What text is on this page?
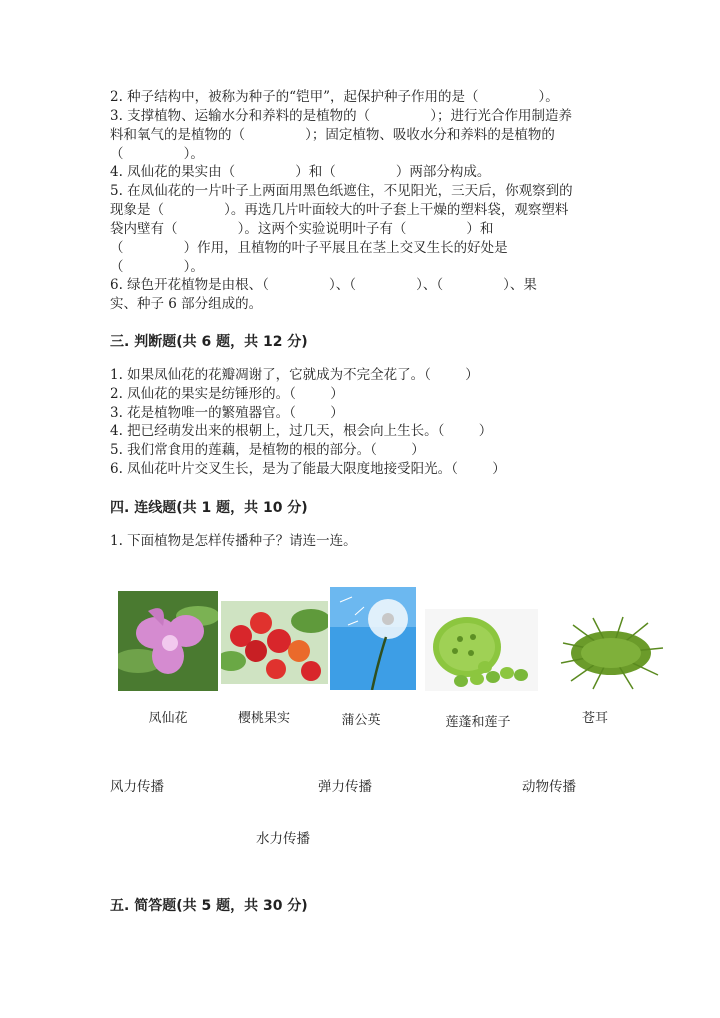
2. 种子结构中，被称为种子的“铠甲”，起保护种子作用的是（              ）。
3. 支撑植物、运输水分和养料的是植物的（              ）；进行光合作用制造养
料和氧气的是植物的（              ）；固定植物、吸收水分和养料的是植物的
（              ）。
4. 凤仙花的果实由（              ）和（              ）两部分构成。
5. 在凤仙花的一片叶子上两面用黑色纸遮住，不见阳光，三天后，你观察到的
现象是（              ）。再选几片叶面较大的叶子套上干燥的塑料袋，观察塑料
袋内壁有（              ）。这两个实验说明叶子有（              ）和
（              ）作用，且植物的叶子平展且在茎上交叉生长的好处是
（              ）。
6. 绿色开花植物是由根、（              ）、（              ）、（              ）、果
实、种子 6 部分组成的。
三. 判断题(共 6 题，共 12 分)
1. 如果凤仙花的花瓣凋谢了，它就成为不完全花了。（        ）
2. 凤仙花的果实是纺锤形的。（        ）
3. 花是植物唯一的繁殖器官。（        ）
4. 把已经萌发出来的根朝上，过几天，根会向上生长。（        ）
5. 我们常食用的莲藕，是植物的根的部分。（        ）
6. 凤仙花叶片交叉生长，是为了能最大限度地接受阳光。（        ）
四. 连线题(共 1 题，共 10 分)
1. 下面植物是怎样传播种子？请连一连。
凤仙花	樱桃果实	蒲公英	莲蓬和莲子	苍耳
风力传播	弹力传播	动物传播
水力传播
五. 简答题(共 5 题，共 30 分)
